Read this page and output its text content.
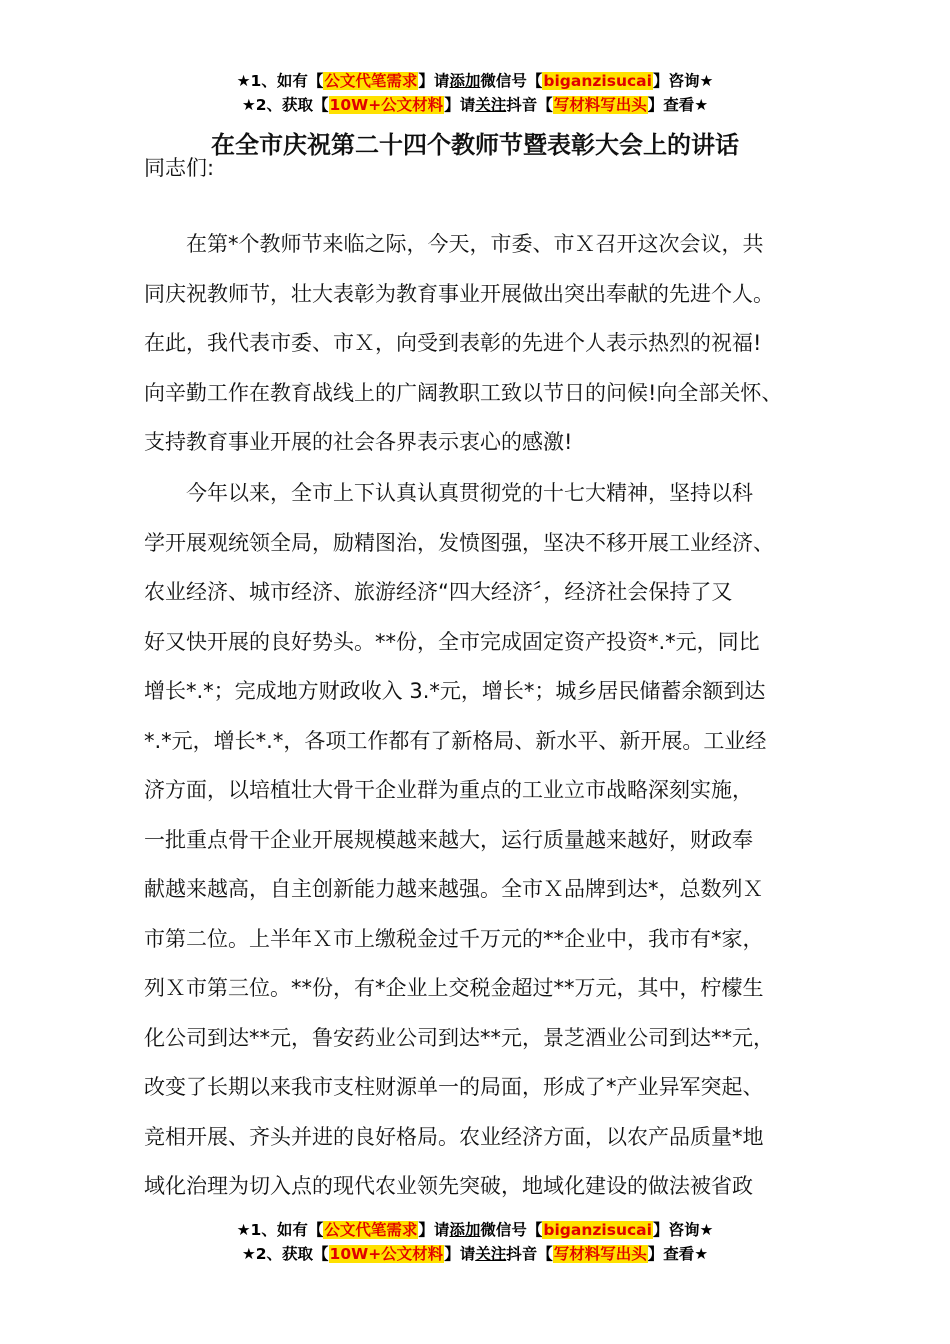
★1、如有【公文代笔需求】请添加微信号【biganzisucai】咨询★
★2、获取【10W+公文材料】请关注抖音【写材料写出头】查看★
在全市庆祝第二十四个教师节暨表彰大会上的讲话
同志们:
　　在第*个教师节来临之际，今天，市委、市Ｘ召开这次会议，共
同庆祝教师节，壮大表彰为教育事业开展做出突出奉献的先进个人。
在此，我代表市委、市Ｘ，向受到表彰的先进个人表示热烈的祝福!
向辛勤工作在教育战线上的广阔教职工致以节日的问候!向全部关怀、
支持教育事业开展的社会各界表示衷心的感激!
　　今年以来，全市上下认真认真贯彻党的十七大精神，坚持以科
学开展观统领全局，励精图治，发愤图强，坚决不移开展工业经济、
农业经济、城市经济、旅游经济“四大经济〞，经济社会保持了又
好又快开展的良好势头。**份，全市完成固定资产投资*.*元，同比
增长*.*；完成地方财政收入 3.*元，增长*；城乡居民储蓄余额到达
*.*元，增长*.*，各项工作都有了新格局、新水平、新开展。工业经
济方面，以培植壮大骨干企业群为重点的工业立市战略深刻实施，
一批重点骨干企业开展规模越来越大，运行质量越来越好，财政奉
献越来越高，自主创新能力越来越强。全市Ｘ品牌到达*，总数列Ｘ
市第二位。上半年Ｘ市上缴税金过千万元的**企业中，我市有*家，
列Ｘ市第三位。**份，有*企业上交税金超过**万元，其中，柠檬生
化公司到达**元，鲁安药业公司到达**元，景芝酒业公司到达**元，
改变了长期以来我市支柱财源单一的局面，形成了*产业异军突起、
竞相开展、齐头并进的良好格局。农业经济方面，以农产品质量*地
域化治理为切入点的现代农业领先突破，地域化建设的做法被省政
★1、如有【公文代笔需求】请添加微信号【biganzisucai】咨询★
★2、获取【10W+公文材料】请关注抖音【写材料写出头】查看★
